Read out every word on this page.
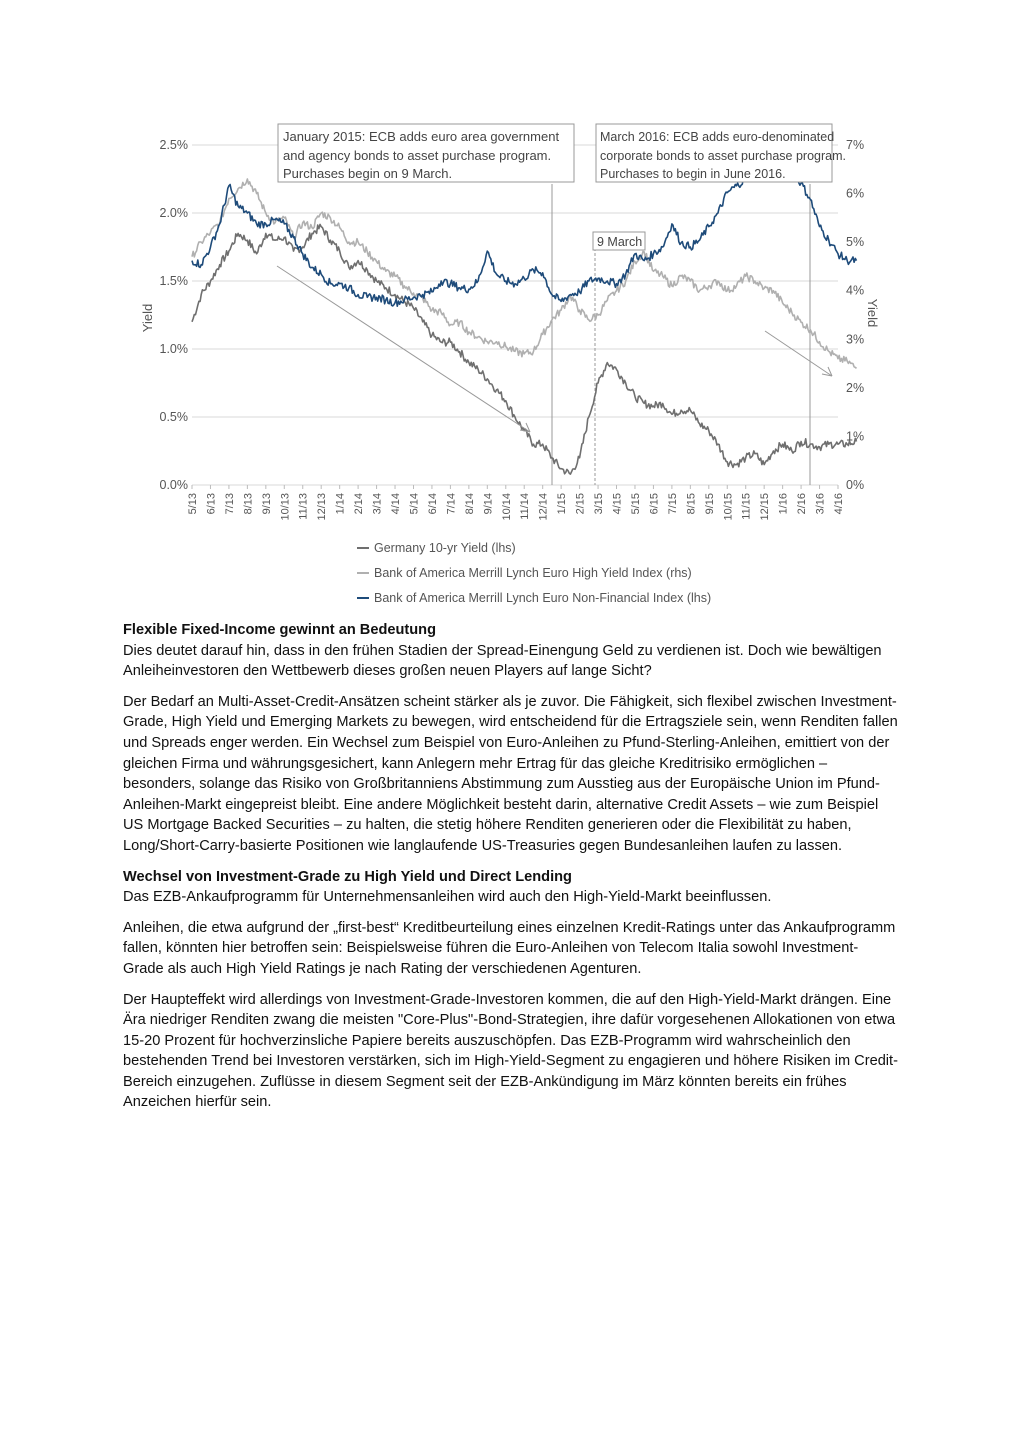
0.0%
0.5%
1.0%
1.5%
2.0%
2.5%
0%
1%
2%
3%
4%
5%
6%
7%
5/13 6/13 7/13 8/13 9/13 10/13 11/13 12/13 1/14 2/14 3/14 4/14 5/14 6/14 7/14 8/14 9/14 10/14 11/14 12/14 1/15 2/15 3/15 4/15 5/15 6/15 7/15 8/15 9/15 10/15 11/15 12/15 1/16 2/16 3/16 4/16
Yield	Yield
January 2015: ECB adds euro area government
and agency bonds to asset purchase program.
Purchases begin on 9 March.
March 2016: ECB adds euro-denominated
corporate bonds to asset purchase program.
Purchases to begin in June 2016.
9 March
Germany 10-yr Yield (lhs)
Bank of America Merrill Lynch Euro High Yield Index (rhs)
Bank of America Merrill Lynch Euro Non-Financial Index (lhs)
Flexible Fixed-Income gewinnt an Bedeutung

Dies deutet darauf hin, dass in den frühen Stadien der Spread-Einengung Geld zu verdienen ist. Doch wie bewältigen Anleiheinvestoren den Wettbewerb dieses großen neuen Players auf lange Sicht?

Der Bedarf an Multi-Asset-Credit-Ansätzen scheint stärker als je zuvor. Die Fähigkeit, sich flexibel zwischen Investment-Grade, High Yield und Emerging Markets zu bewegen, wird entscheidend für die Ertragsziele sein, wenn Renditen fallen und Spreads enger werden. Ein Wechsel zum Beispiel von Euro-Anleihen zu Pfund-Sterling-Anleihen, emittiert von der gleichen Firma und währungsgesichert, kann Anlegern mehr Ertrag für das gleiche Kreditrisiko ermöglichen – besonders, solange das Risiko von Großbritanniens Abstimmung zum Ausstieg aus der Europäische Union im Pfund-Anleihen-Markt eingepreist bleibt. Eine andere Möglichkeit besteht darin, alternative Credit Assets – wie zum Beispiel US Mortgage Backed Securities – zu halten, die stetig höhere Renditen generieren oder die Flexibilität zu haben, Long/Short-Carry-basierte Positionen wie langlaufende US-Treasuries gegen Bundesanleihen laufen zu lassen.

Wechsel von Investment-Grade zu High Yield und Direct Lending

Das EZB-Ankaufprogramm für Unternehmensanleihen wird auch den High-Yield-Markt beeinflussen.

Anleihen, die etwa aufgrund der „first-best“ Kreditbeurteilung eines einzelnen Kredit-Ratings unter das Ankaufprogramm fallen, könnten hier betroffen sein: Beispielsweise führen die Euro-Anleihen von Telecom Italia sowohl Investment-Grade als auch High Yield Ratings je nach Rating der verschiedenen Agenturen.

Der Haupteffekt wird allerdings von Investment-Grade-Investoren kommen, die auf den High-Yield-Markt drängen. Eine Ära niedriger Renditen zwang die meisten "Core-Plus"-Bond-Strategien, ihre dafür vorgesehenen Allokationen von etwa 15-20 Prozent für hochverzinsliche Papiere bereits auszuschöpfen. Das EZB-Programm wird wahrscheinlich den bestehenden Trend bei Investoren verstärken, sich im High-Yield-Segment zu engagieren und höhere Risiken im Credit-Bereich einzugehen. Zuflüsse in diesem Segment seit der EZB-Ankündigung im März könnten bereits ein frühes Anzeichen hierfür sein.
